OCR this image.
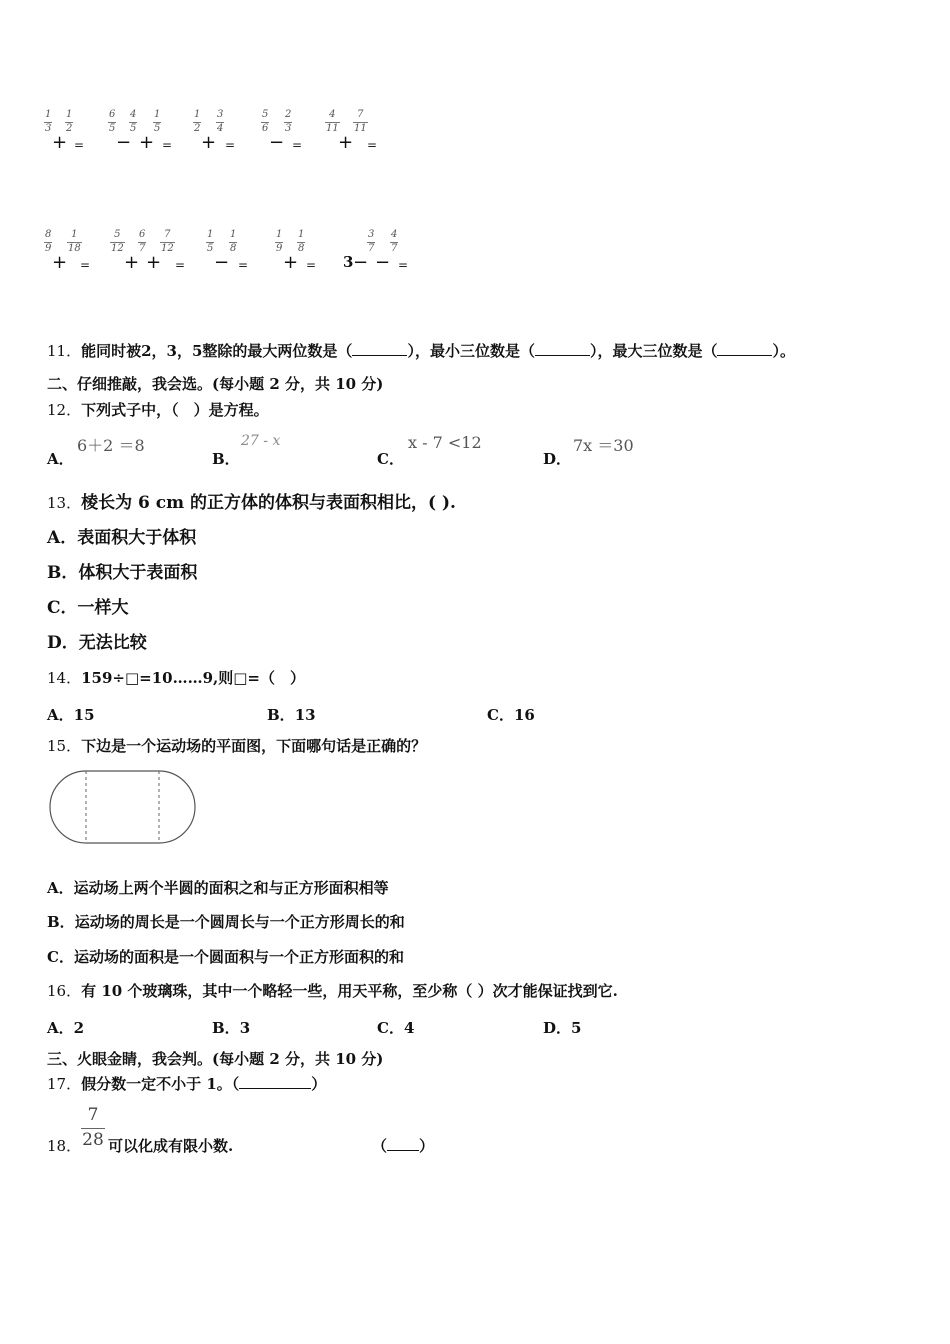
1
3
+
1
2
=
6
5
−
4
5
+
1
5
=
1
2
+
3
4
=
5
6
−
2
3
=
4
11
+
7
11
=
8
9
+
1
18
=
5
12
+
6
7
+
7
12
=
1
5
−
1
8
=
1
9
+
1
8
= 3 −
3
7
−
4
7
=
11．能同时被2，3，5整除的最大两位数是（	），最小三位数是（	），最大三位数是（	）。
二、仔细推敲，我会选。(每小题 2 分，共 10 分)
12．下列式子中，（　）是方程。
A．
6＋2 ＝8
B．
27 - x
C．
x - 7 <12
D．
7x ＝30
13．棱长为 6 cm 的正方体的体积与表面积相比，( ).
A．表面积大于体积
B．体积大于表面积
C．一样大
D．无法比较
14．159÷□=10……9,则□=（　）
A．15	B．13	C．16
15．下边是一个运动场的平面图，下面哪句话是正确的？
A．运动场上两个半圆的面积之和与正方形面积相等
B．运动场的周长是一个圆周长与一个正方形周长的和
C．运动场的面积是一个圆面积与一个正方形面积的和
16．有 10 个玻璃珠，其中一个略轻一些，用天平称，至少称（ ）次才能保证找到它.
A．2	B．3	C．4	D．5
三、火眼金睛，我会判。(每小题 2 分，共 10 分)
17．假分数一定不小于 1。（	）
18．
7
28 可以化成有限小数.	（ ）
